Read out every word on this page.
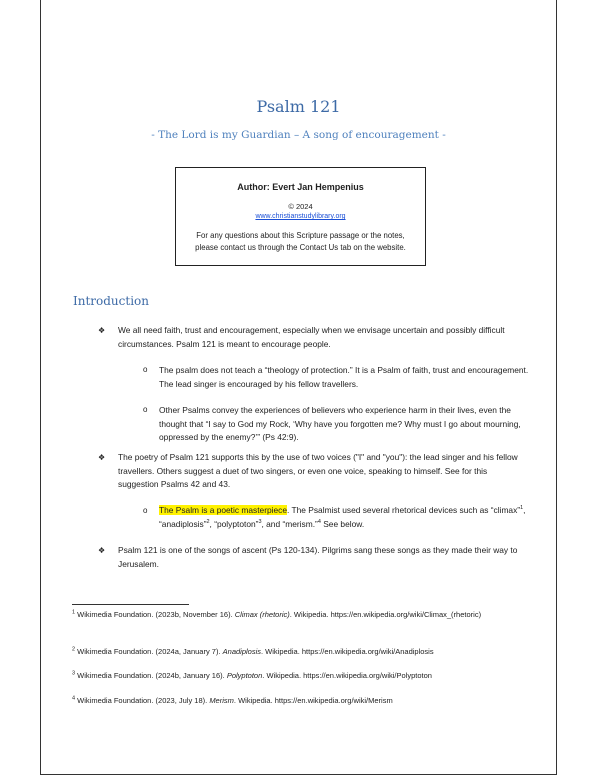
Psalm 121
- The Lord is my Guardian – A song of encouragement -
Author: Evert Jan Hempenius
© 2024
www.christianstudylibrary.org
For any questions about this Scripture passage or the notes,
please contact us through the Contact Us tab on the website.
Introduction
❖ We all need faith, trust and encouragement, especially when we envisage uncertain and possibly difficult circumstances. Psalm 121 is meant to encourage people.
o The psalm does not teach a “theology of protection.” It is a Psalm of faith, trust and encouragement. The lead singer is encouraged by his fellow travellers.
o Other Psalms convey the experiences of believers who experience harm in their lives, even the thought that “I say to God my Rock, ‘Why have you forgotten me? Why must I go about mourning, oppressed by the enemy?’” (Ps 42:9).
❖ The poetry of Psalm 121 supports this by the use of two voices ("I" and "you"): the lead singer and his fellow travellers. Others suggest a duet of two singers, or even one voice, speaking to himself. See for this suggestion Psalms 42 and 43.
o The Psalm is a poetic masterpiece. The Psalmist used several rhetorical devices such as “climax”$^1$, “anadiplosis”$^2$, “polyptoton”$^3$, and “merism.”$^4$ See below.
❖ Psalm 121 is one of the songs of ascent (Ps 120-134). Pilgrims sang these songs as they made their way to Jerusalem.
$^1$ Wikimedia Foundation. (2023b, November 16). Climax (rhetoric). Wikipedia. https://en.wikipedia.org/wiki/Climax_(rhetoric)
$^2$ Wikimedia Foundation. (2024a, January 7). Anadiplosis. Wikipedia. https://en.wikipedia.org/wiki/Anadiplosis
$^3$ Wikimedia Foundation. (2024b, January 16). Polyptoton. Wikipedia. https://en.wikipedia.org/wiki/Polyptoton
$^4$ Wikimedia Foundation. (2023, July 18). Merism. Wikipedia. https://en.wikipedia.org/wiki/Merism
